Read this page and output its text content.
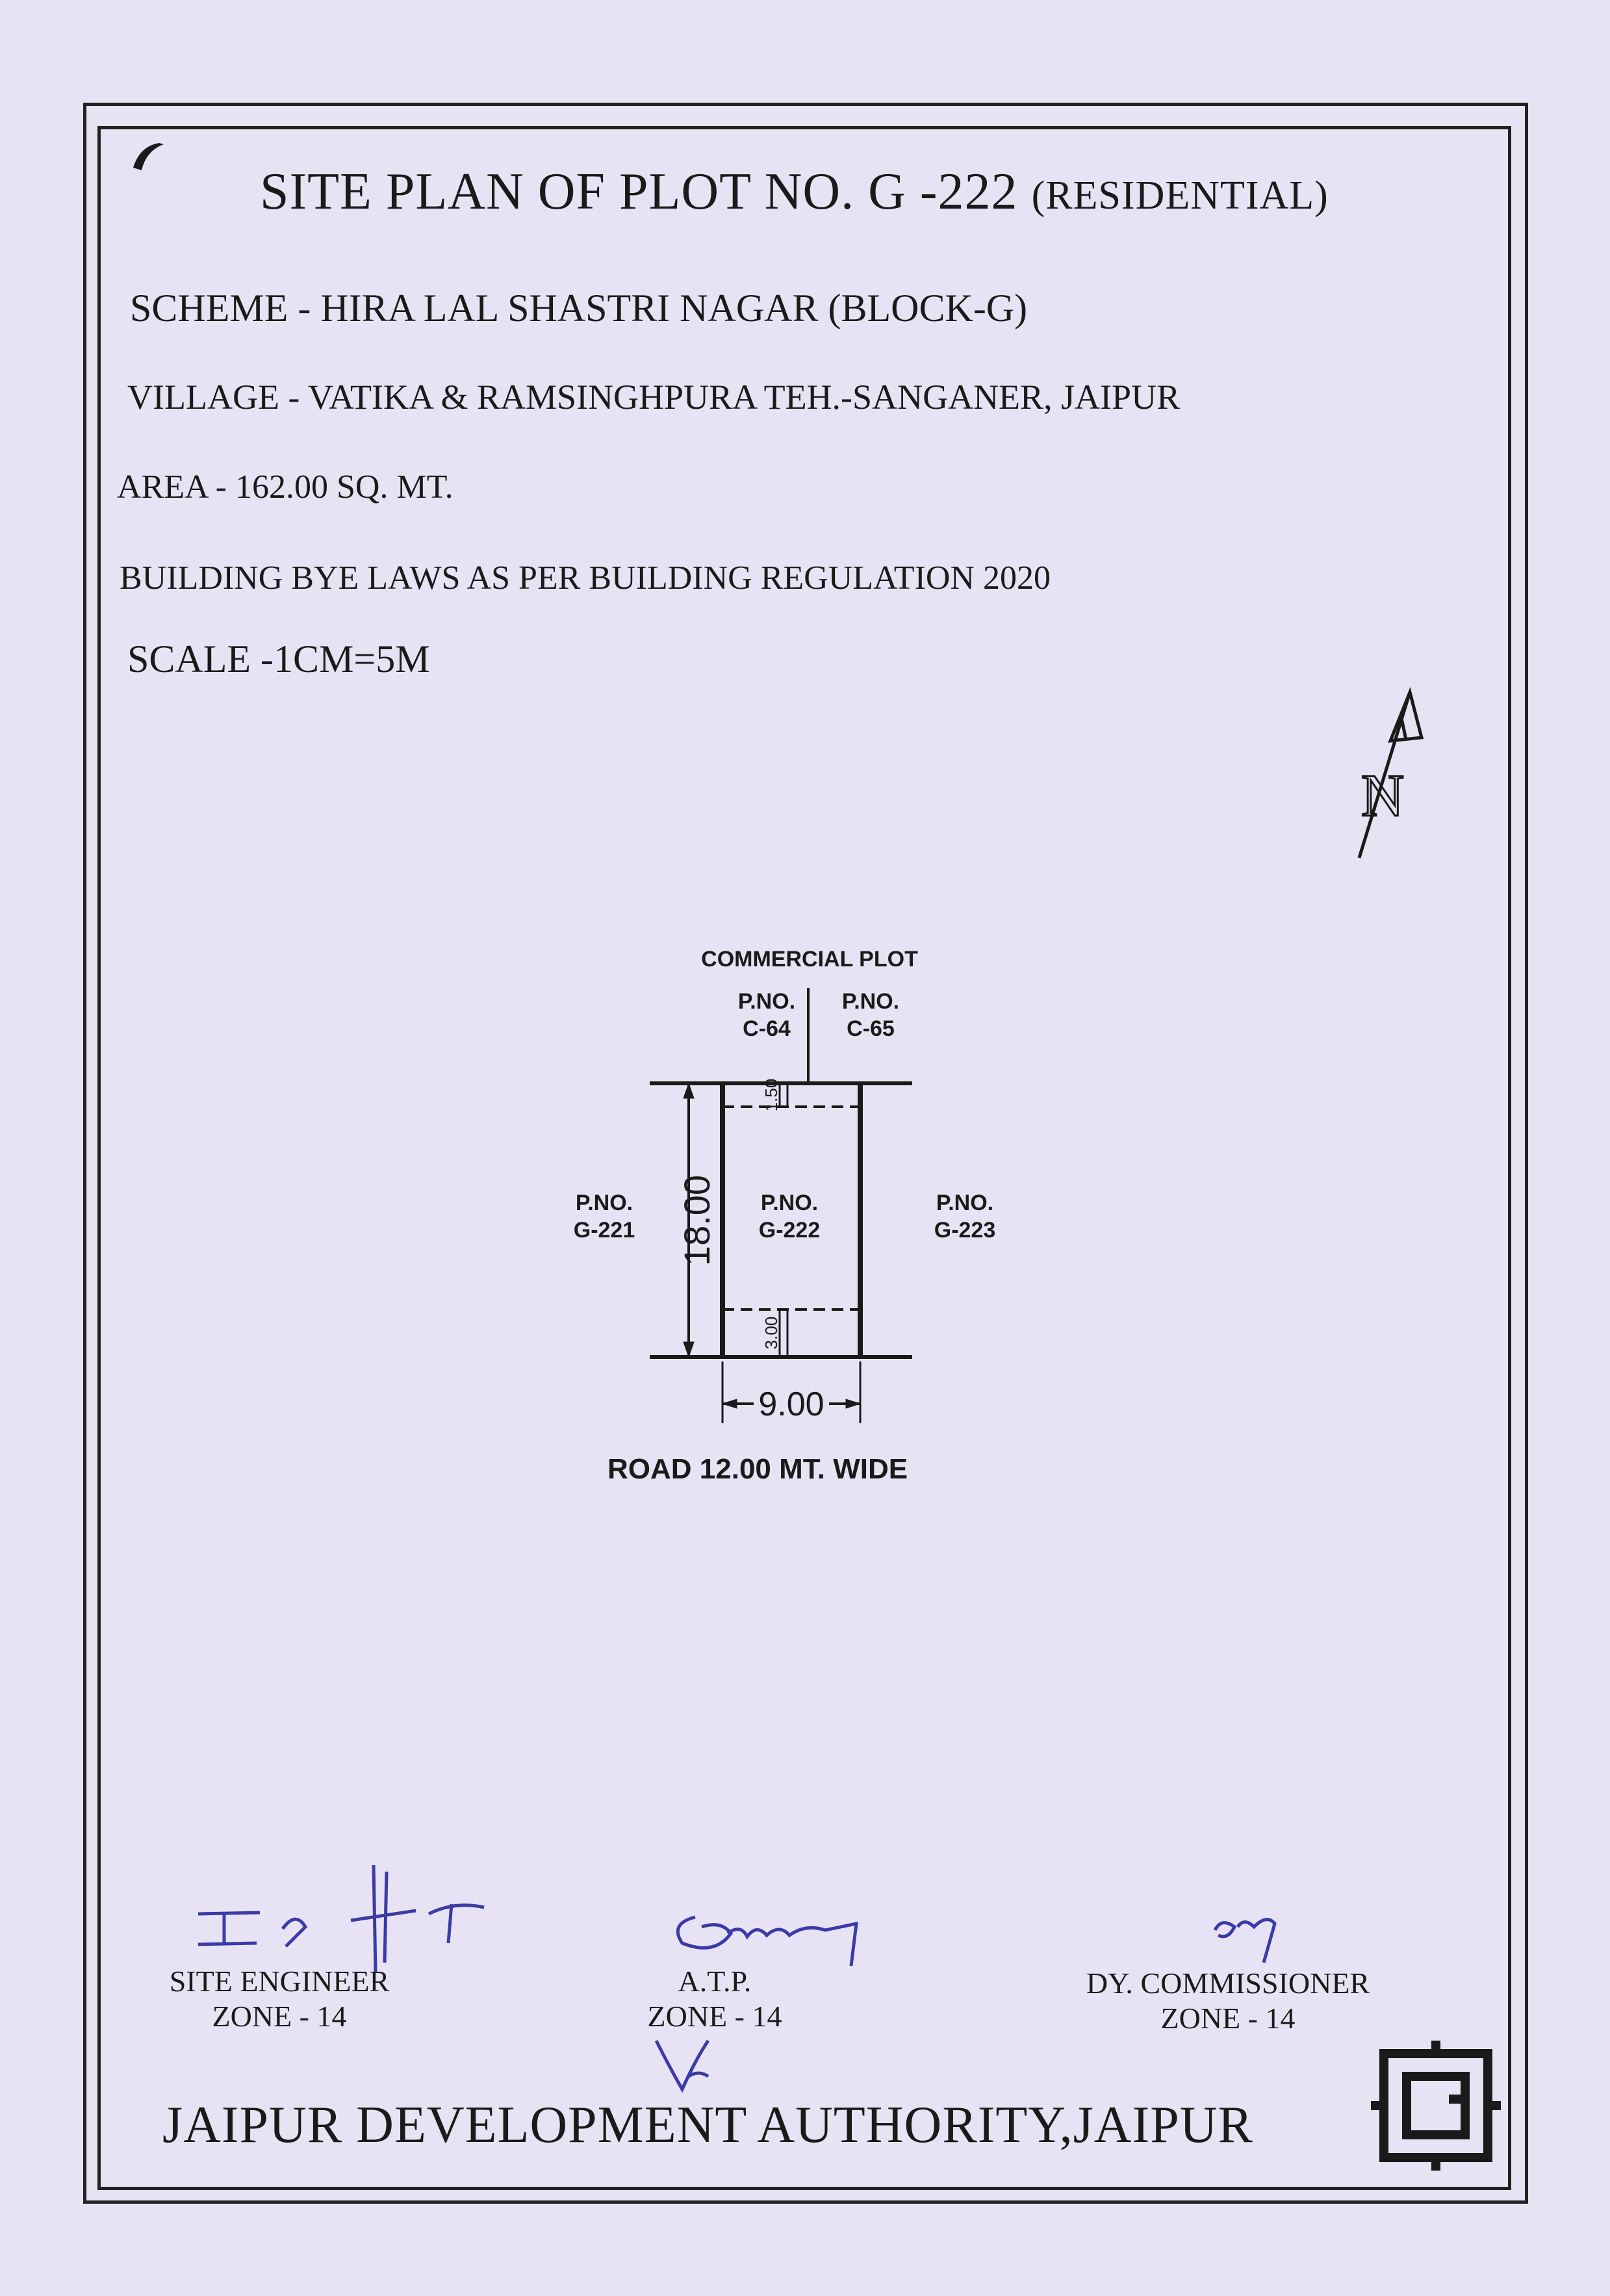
18.00
1.50
3.00
9.00
N
SITE PLAN OF PLOT NO. G -222 (RESIDENTIAL)
SCHEME - HIRA LAL SHASTRI NAGAR (BLOCK-G)
VILLAGE - VATIKA & RAMSINGHPURA TEH.-SANGANER, JAIPUR
AREA - 162.00 SQ. MT.
BUILDING BYE LAWS AS PER BUILDING REGULATION 2020
SCALE -1CM=5M
COMMERCIAL PLOT
P.NO.
C-64
P.NO.
C-65
P.NO.
G-221
P.NO.
G-222
P.NO.
G-223
ROAD 12.00 MT. WIDE
SITE ENGINEER
ZONE - 14
A.T.P.
ZONE - 14
DY. COMMISSIONER
ZONE - 14
JAIPUR DEVELOPMENT AUTHORITY,JAIPUR
